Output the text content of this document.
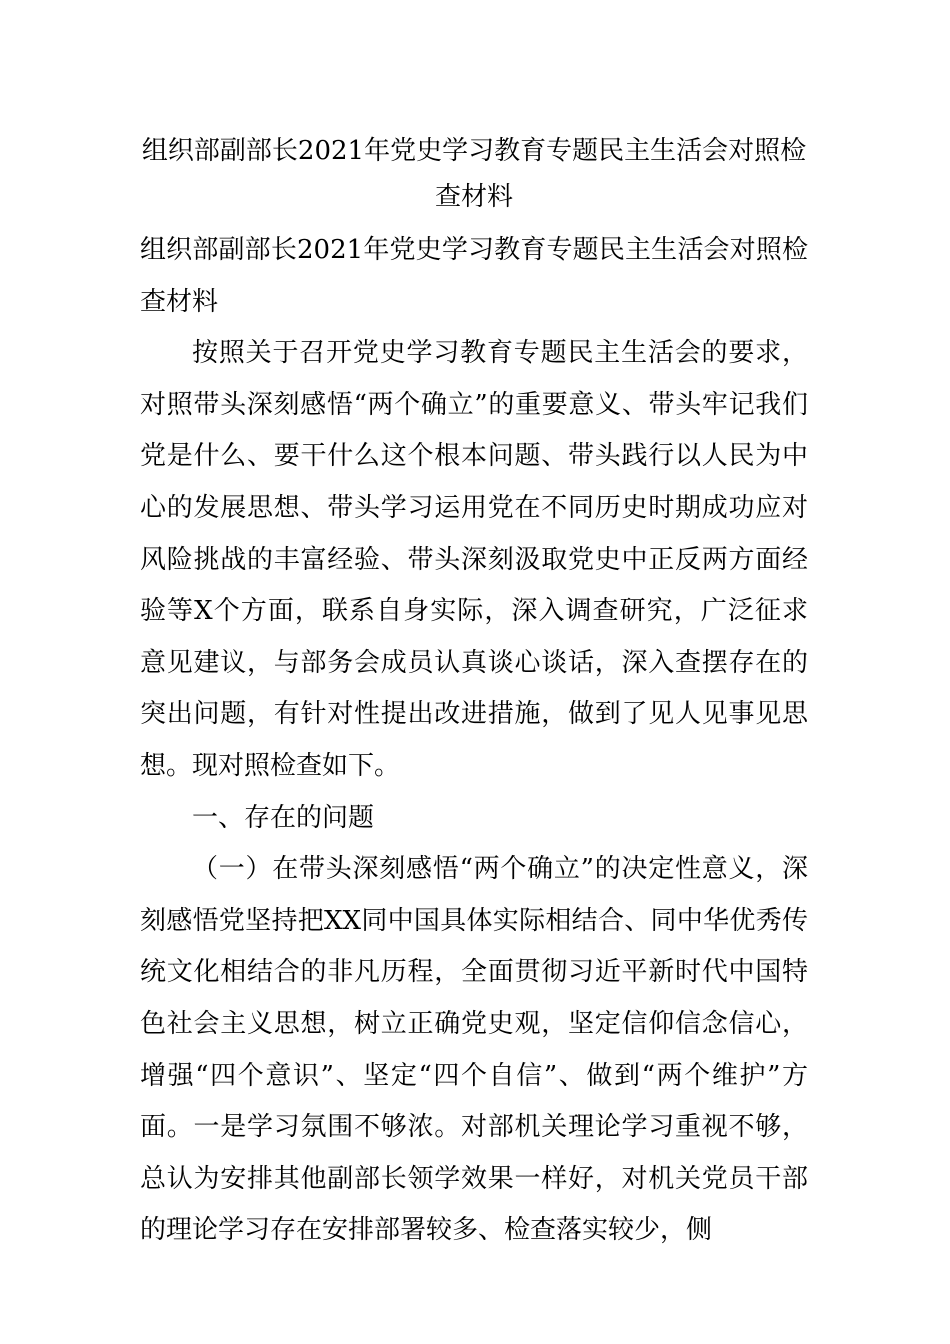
组织部副部长2021年党史学习教育专题民主生活会对照检查材料

组织部副部长2021年党史学习教育专题民主生活会对照检查材料

按照关于召开党史学习教育专题民主生活会的要求，对照带头深刻感悟“两个确立”的重要意义、带头牢记我们党是什么、要干什么这个根本问题、带头践行以人民为中心的发展思想、带头学习运用党在不同历史时期成功应对风险挑战的丰富经验、带头深刻汲取党史中正反两方面经验等X个方面，联系自身实际，深入调查研究，广泛征求意见建议，与部务会成员认真谈心谈话，深入查摆存在的突出问题，有针对性提出改进措施，做到了见人见事见思想。现对照检查如下。

一、存在的问题

（一）在带头深刻感悟“两个确立”的决定性意义，深刻感悟党坚持把XX同中国具体实际相结合、同中华优秀传统文化相结合的非凡历程，全面贯彻习近平新时代中国特色社会主义思想，树立正确党史观，坚定信仰信念信心，增强“四个意识”、坚定“四个自信”、做到“两个维护”方面。一是学习氛围不够浓。对部机关理论学习重视不够，总认为安排其他副部长领学效果一样好，对机关党员干部的理论学习存在安排部署较多、检查落实较少，侧
